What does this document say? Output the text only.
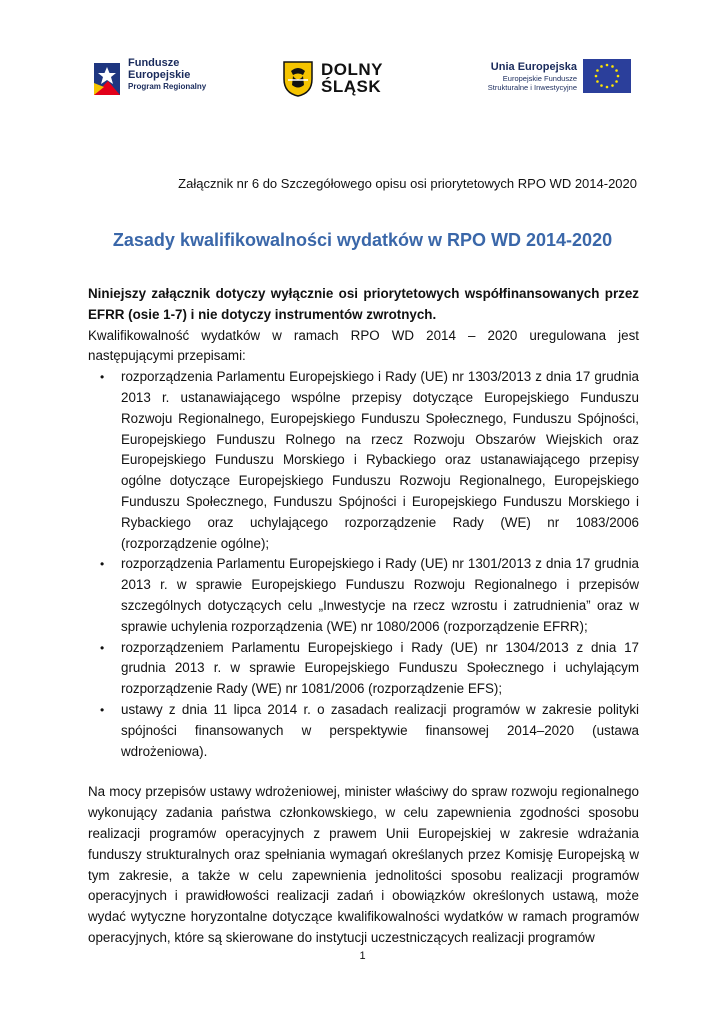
Fundusze
Europejskie
Program Regionalny
DOLNY
ŚLĄSK
Unia Europejska
Europejskie Fundusze
Strukturalne i Inwestycyjne
Załącznik nr 6 do Szczegółowego opisu osi priorytetowych RPO WD 2014-2020
Zasady kwalifikowalności wydatków w RPO WD 2014-2020

Niniejszy załącznik dotyczy wyłącznie osi priorytetowych współfinansowanych przez EFRR (osie 1-7) i nie dotyczy instrumentów zwrotnych.

Kwalifikowalność wydatków w ramach RPO WD 2014 – 2020 uregulowana jest następującymi przepisami:

• rozporządzenia Parlamentu Europejskiego i Rady (UE) nr 1303/2013 z dnia 17 grudnia 2013 r. ustanawiającego wspólne przepisy dotyczące Europejskiego Funduszu Rozwoju Regionalnego, Europejskiego Funduszu Społecznego, Funduszu Spójności, Europejskiego Funduszu Rolnego na rzecz Rozwoju Obszarów Wiejskich oraz Europejskiego Funduszu Morskiego i Rybackiego oraz ustanawiającego przepisy ogólne dotyczące Europejskiego Funduszu Rozwoju Regionalnego, Europejskiego Funduszu Społecznego, Funduszu Spójności i Europejskiego Funduszu Morskiego i Rybackiego oraz uchylającego rozporządzenie Rady (WE) nr 1083/2006 (rozporządzenie ogólne);
• rozporządzenia Parlamentu Europejskiego i Rady (UE) nr 1301/2013 z dnia 17 grudnia 2013 r. w sprawie Europejskiego Funduszu Rozwoju Regionalnego i przepisów szczególnych dotyczących celu „Inwestycje na rzecz wzrostu i zatrudnienia” oraz w sprawie uchylenia rozporządzenia (WE) nr 1080/2006 (rozporządzenie EFRR);
• rozporządzeniem Parlamentu Europejskiego i Rady (UE) nr 1304/2013 z dnia 17 grudnia 2013 r. w sprawie Europejskiego Funduszu Społecznego i uchylającym rozporządzenie Rady (WE) nr 1081/2006 (rozporządzenie EFS);
• ustawy z dnia 11 lipca 2014 r. o zasadach realizacji programów w zakresie polityki spójności finansowanych w perspektywie finansowej 2014–2020 (ustawa wdrożeniowa).

Na mocy przepisów ustawy wdrożeniowej, minister właściwy do spraw rozwoju regionalnego wykonujący zadania państwa członkowskiego, w celu zapewnienia zgodności sposobu realizacji programów operacyjnych z prawem Unii Europejskiej w zakresie wdrażania funduszy strukturalnych oraz spełniania wymagań określanych przez Komisję Europejską w tym zakresie, a także w celu zapewnienia jednolitości sposobu realizacji programów operacyjnych i prawidłowości realizacji zadań i obowiązków określonych ustawą, może wydać wytyczne horyzontalne dotyczące kwalifikowalności wydatków w ramach programów operacyjnych, które są skierowane do instytucji uczestniczących realizacji programów

1
